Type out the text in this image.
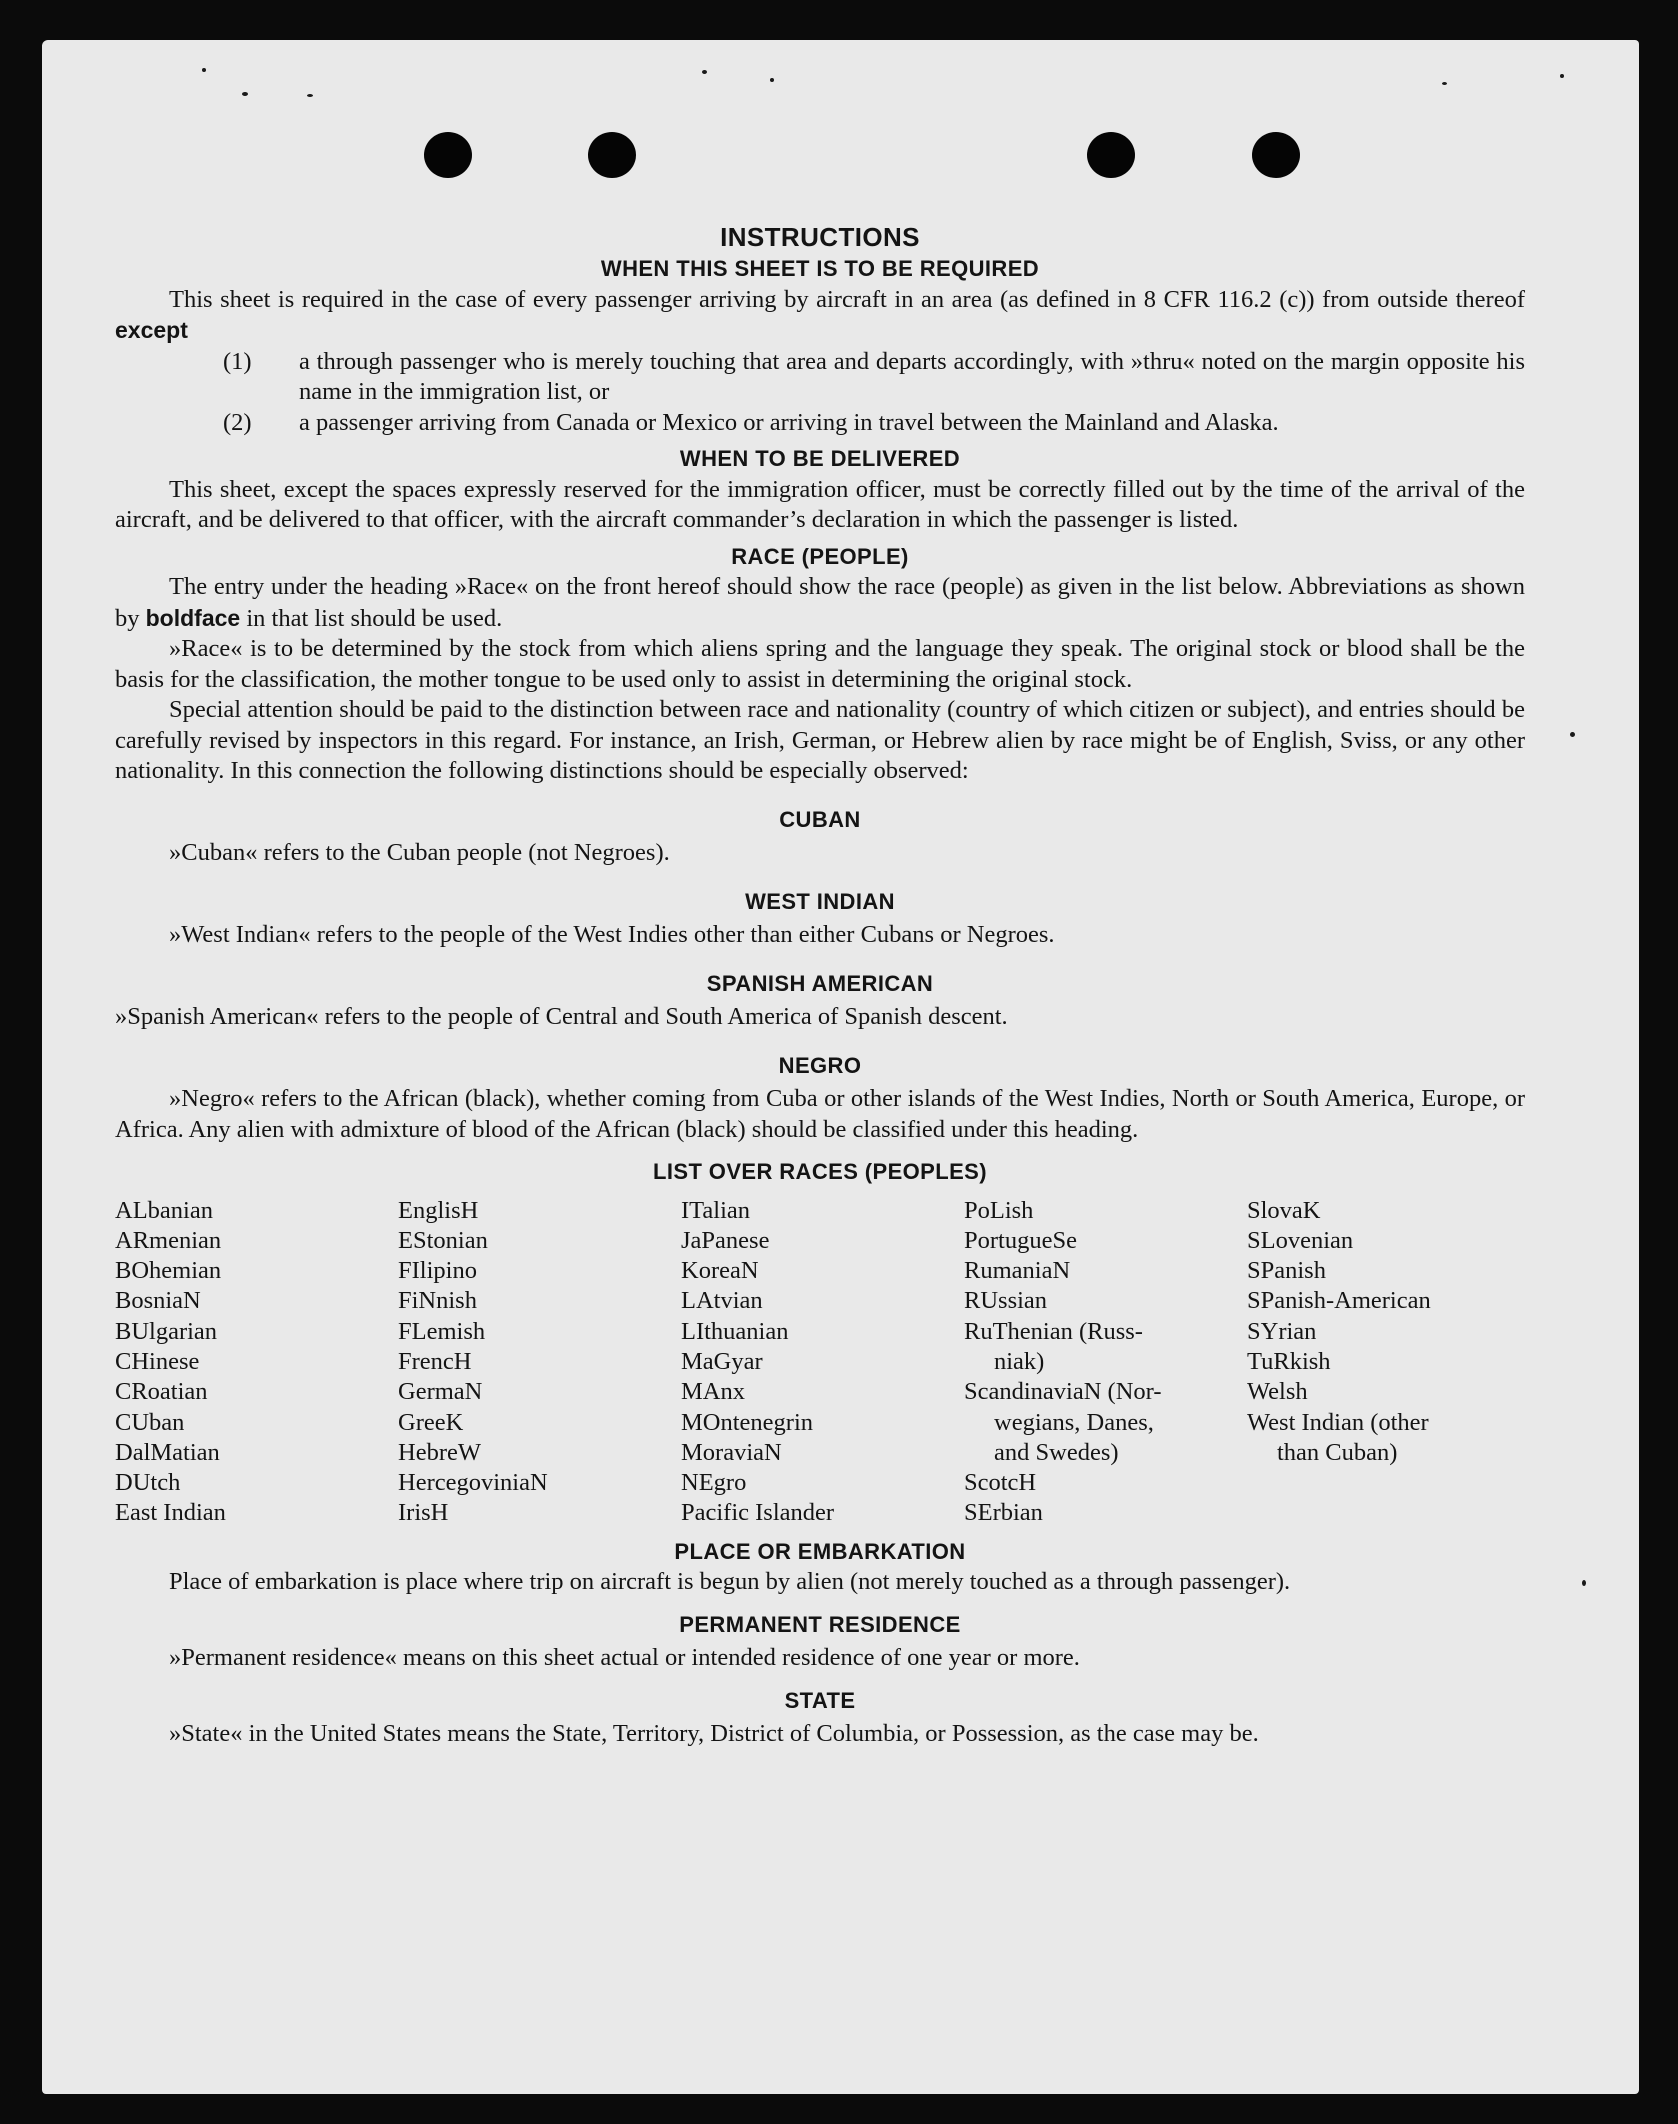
INSTRUCTIONS
WHEN THIS SHEET IS TO BE REQUIRED

This sheet is required in the case of every passenger arriving by aircraft in an area (as defined in 8 CFR 116.2 (c)) from outside thereof except

(1)	a through passenger who is merely touching that area and departs accordingly, with »thru« noted on the margin opposite his name in the immigration list, or
(2)	a passenger arriving from Canada or Mexico or arriving in travel between the Mainland and Alaska.
WHEN TO BE DELIVERED

This sheet, except the spaces expressly reserved for the immigration officer, must be correctly filled out by the time of the arrival of the aircraft, and be delivered to that officer, with the aircraft commander’s declaration in which the passenger is listed.

RACE (PEOPLE)

The entry under the heading »Race« on the front hereof should show the race (people) as given in the list below. Abbreviations as shown by boldface in that list should be used.

»Race« is to be determined by the stock from which aliens spring and the language they speak. The original stock or blood shall be the basis for the classification, the mother tongue to be used only to assist in determining the original stock.

Special attention should be paid to the distinction between race and nationality (country of which citizen or subject), and entries should be carefully revised by inspectors in this regard. For instance, an Irish, German, or Hebrew alien by race might be of English, Sviss, or any other nationality. In this connection the following distinctions should be especially observed:

CUBAN

»Cuban« refers to the Cuban people (not Negroes).

WEST INDIAN

»West Indian« refers to the people of the West Indies other than either Cubans or Negroes.

SPANISH AMERICAN

»Spanish American« refers to the people of Central and South America of Spanish descent.

NEGRO

»Negro« refers to the African (black), whether coming from Cuba or other islands of the West Indies, North or South America, Europe, or Africa. Any alien with admixture of blood of the African (black) should be classified under this heading.

LIST OVER RACES (PEOPLES)
ALbanian
ARmenian
BOhemian
BosniaN
BUlgarian
CHinese
CRoatian
CUban
DalMatian
DUtch
East Indian
EnglisH
EStonian
FIlipino
FiNnish
FLemish
FrencH
GermaN
GreeK
HebreW
HercegoviniaN
IrisH
ITalian
JaPanese
KoreaN
LAtvian
LIthuanian
MaGyar
MAnx
MOntenegrin
MoraviaN
NEgro
Pacific Islander
PoLish
PortugueSe
RumaniaN
RUssian
RuThenian (Russ-
niak)
ScandinaviaN (Nor-
wegians, Danes,
and Swedes)
ScotcH
SErbian
SlovaK
SLovenian
SPanish
SPanish-American
SYrian
TuRkish
Welsh
West Indian (other
than Cuban)
PLACE OR EMBARKATION

Place of embarkation is place where trip on aircraft is begun by alien (not merely touched as a through passenger).

PERMANENT RESIDENCE

»Permanent residence« means on this sheet actual or intended residence of one year or more.

STATE

»State« in the United States means the State, Territory, District of Columbia, or Possession, as the case may be.
